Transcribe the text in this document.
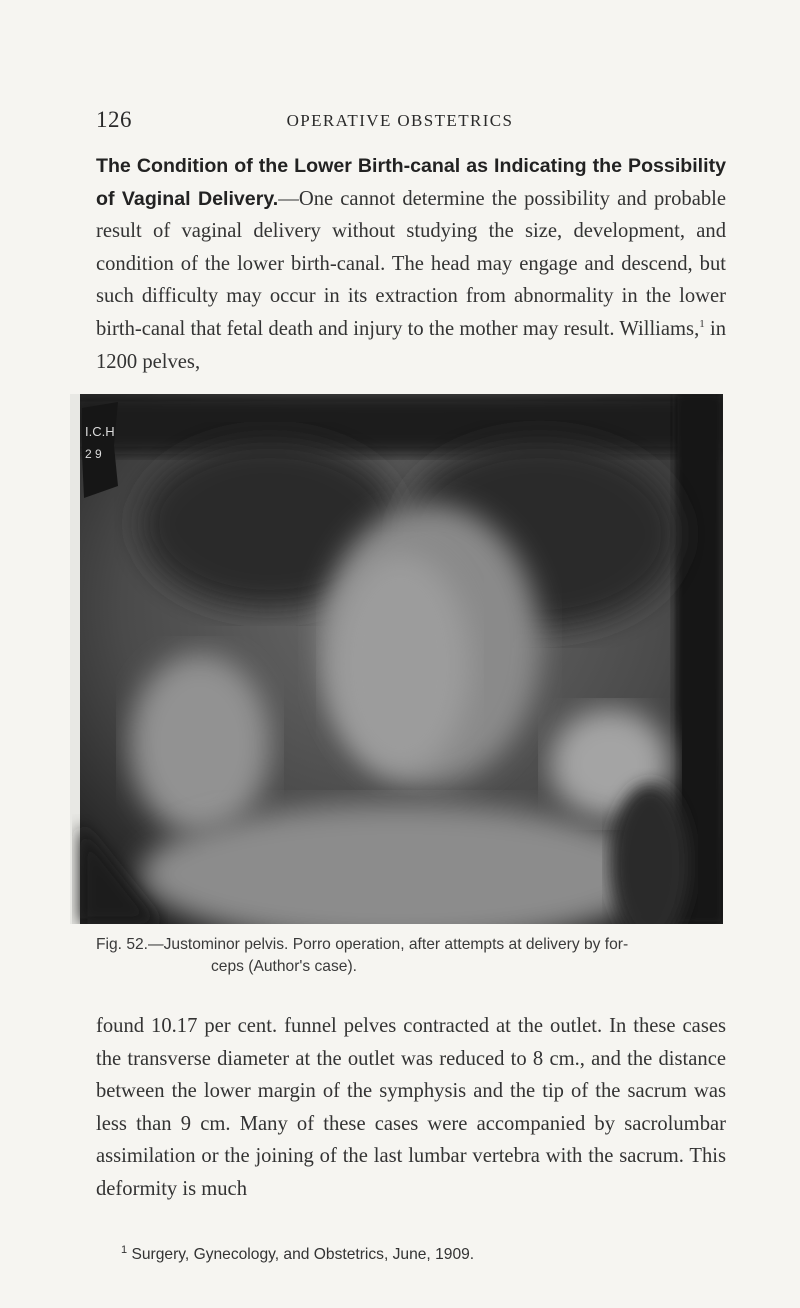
126	OPERATIVE OBSTETRICS

The Condition of the Lower Birth-canal as Indicating the Possibility of Vaginal Delivery.—One cannot determine the possibility and probable result of vaginal delivery without studying the size, development, and condition of the lower birth-canal. The head may engage and descend, but such difficulty may occur in its extraction from abnormality in the lower birth-canal that fetal death and injury to the mother may result. Williams,$^1$ in 1200 pelves,

I.C.H
2 9
Fig. 52.—Justominor pelvis. Porro operation, after attempts at delivery by for-
ceps (Author's case).

found 10.17 per cent. funnel pelves contracted at the outlet. In these cases the transverse diameter at the outlet was reduced to 8 cm., and the distance between the lower margin of the symphysis and the tip of the sacrum was less than 9 cm. Many of these cases were accompanied by sacrolumbar assimilation or the joining of the last lumbar vertebra with the sacrum. This deformity is much

$^1$ Surgery, Gynecology, and Obstetrics, June, 1909.
